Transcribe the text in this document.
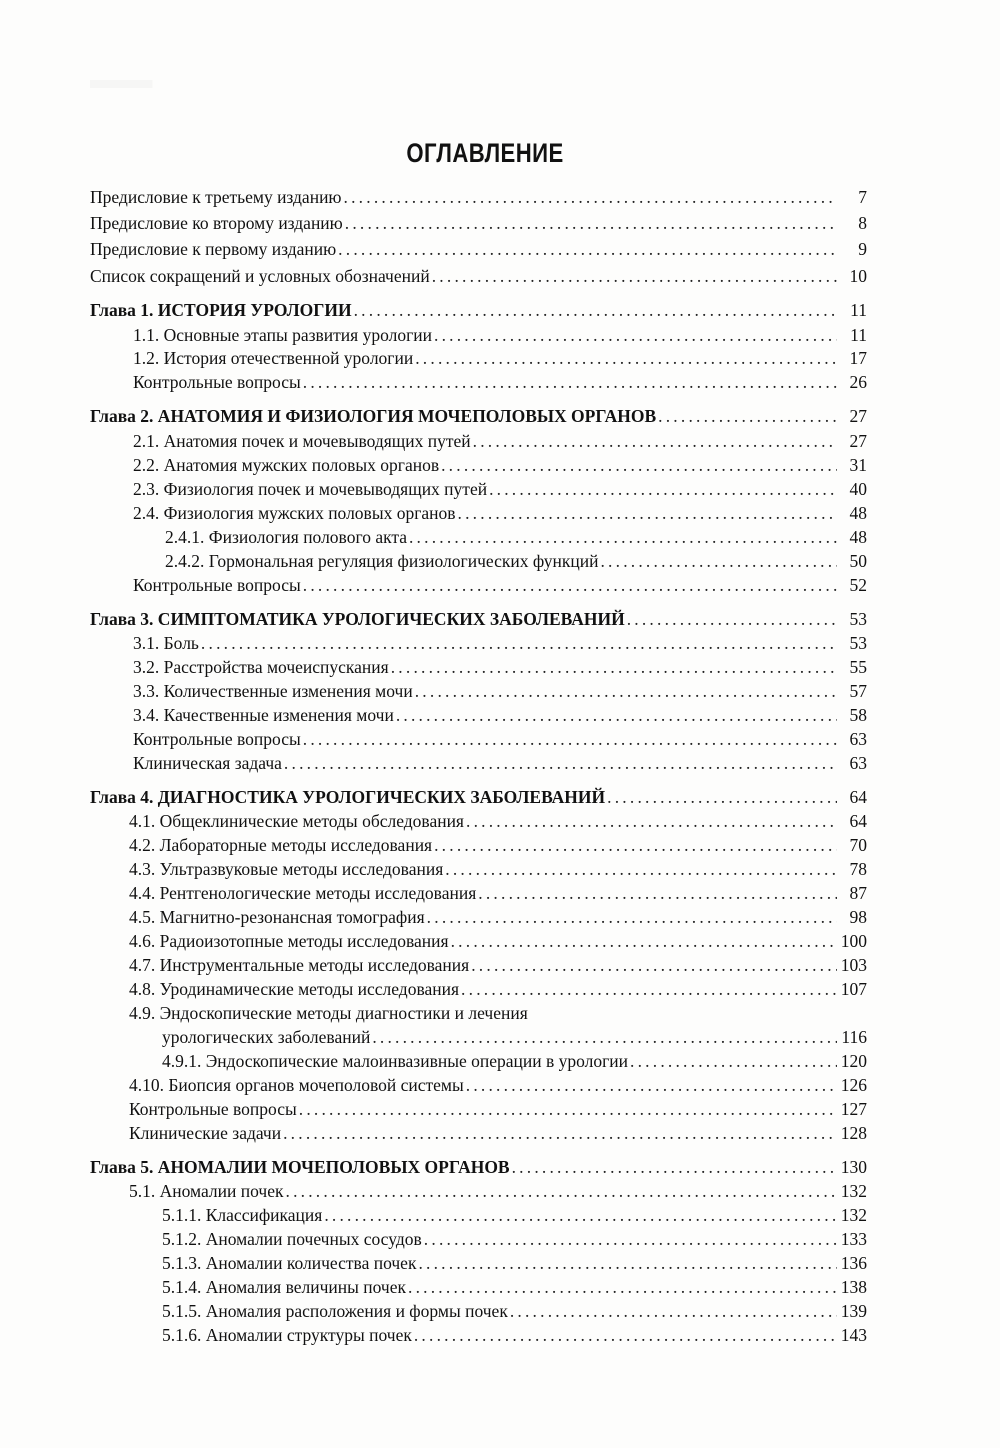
ОГЛАВЛЕНИЕ
Предисловие к третьему изданию .....	7
Предисловие ко второму изданию .....	8
Предисловие к первому изданию .....	9
Список сокращений и условных обозначений .....	10
Глава 1. ИСТОРИЯ УРОЛОГИИ .....	11
1.1. Основные этапы развития урологии .....	11
1.2. История отечественной урологии .....	17
Контрольные вопросы .....	26
Глава 2. АНАТОМИЯ И ФИЗИОЛОГИЯ МОЧЕПОЛОВЫХ ОРГАНОВ .....	27
2.1. Анатомия почек и мочевыводящих путей .....	27
2.2. Анатомия мужских половых органов .....	31
2.3. Физиология почек и мочевыводящих путей .....	40
2.4. Физиология мужских половых органов .....	48
2.4.1. Физиология полового акта .....	48
2.4.2. Гормональная регуляция физиологических функций .....	50
Контрольные вопросы .....	52
Глава 3. СИМПТОМАТИКА УРОЛОГИЧЕСКИХ ЗАБОЛЕВАНИЙ .....	53
3.1. Боль .....	53
3.2. Расстройства мочеиспускания .....	55
3.3. Количественные изменения мочи .....	57
3.4. Качественные изменения мочи .....	58
Контрольные вопросы .....	63
Клиническая задача .....	63
Глава 4. ДИАГНОСТИКА УРОЛОГИЧЕСКИХ ЗАБОЛЕВАНИЙ .....	64
4.1. Общеклинические методы обследования .....	64
4.2. Лабораторные методы исследования .....	70
4.3. Ультразвуковые методы исследования .....	78
4.4. Рентгенологические методы исследования .....	87
4.5. Магнитно-резонансная томография .....	98
4.6. Радиоизотопные методы исследования .....	100
4.7. Инструментальные методы исследования .....	103
4.8. Уродинамические методы исследования .....	107
4.9. Эндоскопические методы диагностики и лечения
урологических заболеваний .....	116
4.9.1. Эндоскопические малоинвазивные операции в урологии .....	120
4.10. Биопсия органов мочеполовой системы .....	126
Контрольные вопросы .....	127
Клинические задачи .....	128
Глава 5. АНОМАЛИИ МОЧЕПОЛОВЫХ ОРГАНОВ .....	130
5.1. Аномалии почек .....	132
5.1.1. Классификация .....	132
5.1.2. Аномалии почечных сосудов .....	133
5.1.3. Аномалии количества почек .....	136
5.1.4. Аномалия величины почек .....	138
5.1.5. Аномалия расположения и формы почек .....	139
5.1.6. Аномалии структуры почек .....	143
